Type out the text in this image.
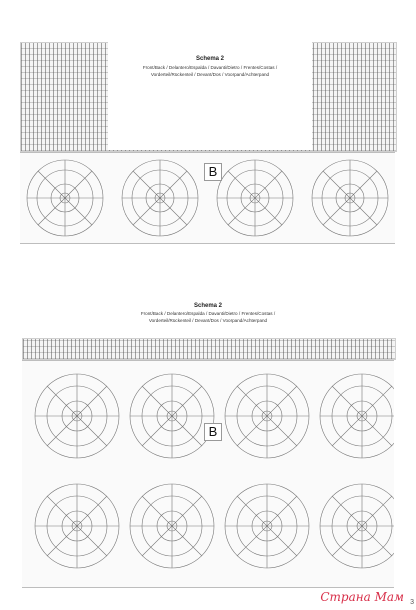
Schema 2
Front/Back / Delantero/Espalda / Davanti/Dietro / Frentes/Costas /
Vorderteil/Rückenteil / Devant/Dos / Voorpand/Achterpand
B
Schema 2
Front/Back / Delantero/Espalda / Davanti/Dietro / Frentes/Costas /
Vorderteil/Rückenteil / Devant/Dos / Voorpand/Achterpand
B
Страна Мам 3
